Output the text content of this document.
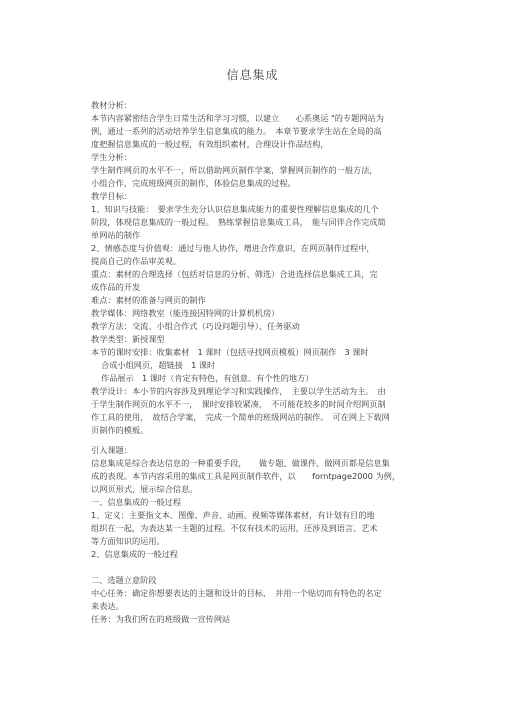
信息集成
教材分析：
本节内容紧密结合学生日常生活和学习习惯，以建立　　心系奥运 "的专题网站为
例，通过一系列的活动培养学生信息集成的能力。　本章节要求学生站在全局的高
度把握信息集成的一般过程，有效组织素材，合理设计作品结构，
学生分析：
学生制作网页的水平不一，所以借助网页制作学案，掌握网页制作的一般方法，
小组合作，完成班级网页的制作，体验信息集成的过程。
教学目标：
1、知识与技能：　要求学生充分认识信息集成能力的重要性理解信息集成的几个
阶段，体现信息集成的一般过程。　熟练掌握信息集成工具，　能与同伴合作完成简
单网站的制作
2、情感态度与价值观：通过与他人协作，增进合作意识，在网页制作过程中，
提高自己的作品审美观。
重点：素材的合理选择（包括对信息的分析、筛选）合进选择信息集成工具，完
成作品的开发
难点：素材的准备与网页的制作
教学媒体：网络教室（能连接因特网的计算机机房）
教学方法：交流、小组合作式（巧设问题引导）、任务驱动
教学类型：新授课型
本节的课时安排：收集素材　1 课时（包括寻找网页模板）网页制作　3 课时
合成小组网页，超链接　1 课时
作品展示　1 课时（肯定有特色，有创意、有个性的地方）
教学设计：本小节的内容涉及到理论学习和实践操作，　主要以学生活动为主。　由
于学生制作网页的水平不一，　课时安排较紧凑，　不可能花较多的时间介绍网页制
作工具的使用，　故结合学案，　完成一个简单的班级网站的制作。　可在网上下载网
页制作的模板。
引入课题：
信息集成是综合表达信息的一种重要手段，　　做专题、做课件、做网页都是信息集
成的表现。本节内容采用的集成工具是网页制作软件，以　　forntpage2000 为例，
以网页形式，展示综合信息。
一、信息集成的一般过程
1、定义：主要指文本、图像、声音、动画、视频等媒体素材，有计划有目的地
组织在一起，为表达某一主题的过程。不仅有技术的运用，还涉及到语言、艺术
等方面知识的运用。
2、信息集成的一般过程
二、选题立意阶段
中心任务：确定你想要表达的主题和设计的目标，　并用一个贴切而有特色的名定
来表达。
任务：为我们所在的班级做一宣传网站
